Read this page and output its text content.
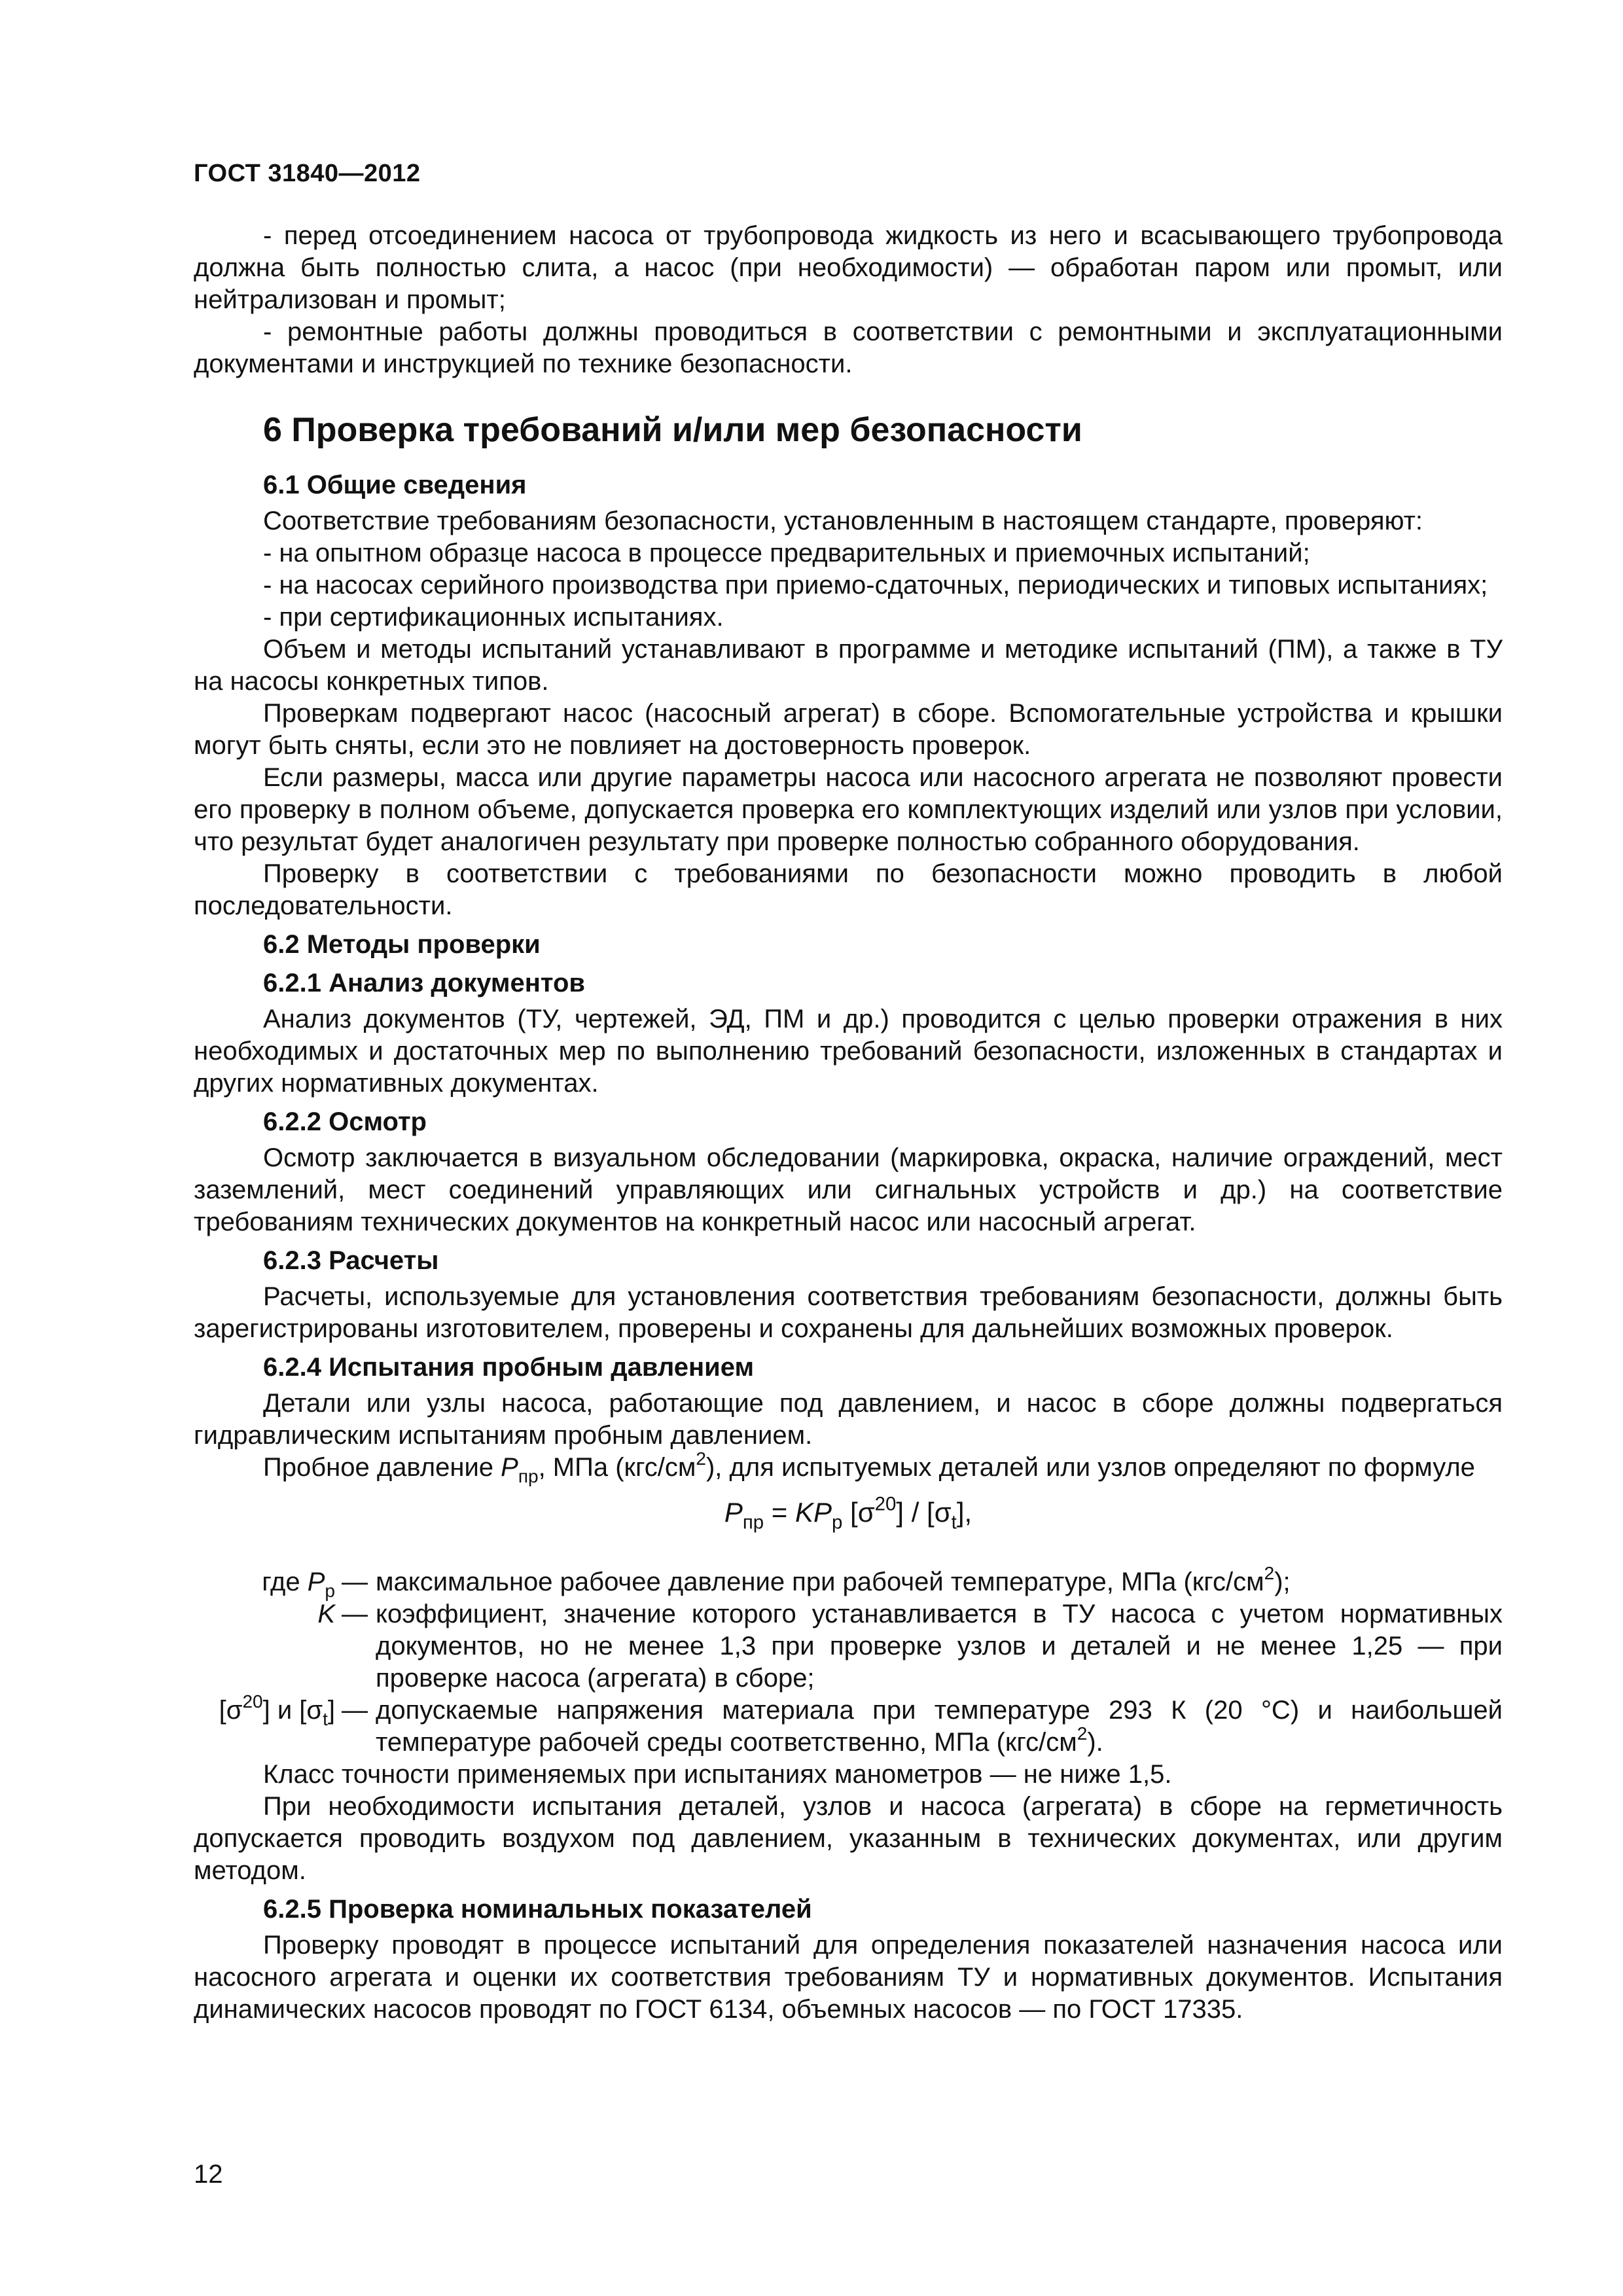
ГОСТ 31840—2012

- перед отсоединением насоса от трубопровода жидкость из него и всасывающего трубопровода должна быть полностью слита, а насос (при необходимости) — обработан паром или промыт, или нейтрализован и промыт;

- ремонтные работы должны проводиться в соответствии с ремонтными и эксплуатационными документами и инструкцией по технике безопасности.

6 Проверка требований и/или мер безопасности
6.1 Общие сведения

Соответствие требованиям безопасности, установленным в настоящем стандарте, проверяют:

- на опытном образце насоса в процессе предварительных и приемочных испытаний;

- на насосах серийного производства при приемо-сдаточных, периодических и типовых испытаниях;

- при сертификационных испытаниях.

Объем и методы испытаний устанавливают в программе и методике испытаний (ПМ), а также в ТУ на насосы конкретных типов.

Проверкам подвергают насос (насосный агрегат) в сборе. Вспомогательные устройства и крышки могут быть сняты, если это не повлияет на достоверность проверок.

Если размеры, масса или другие параметры насоса или насосного агрегата не позволяют провести его проверку в полном объеме, допускается проверка его комплектующих изделий или узлов при условии, что результат будет аналогичен результату при проверке полностью собранного оборудования.

Проверку в соответствии с требованиями по безопасности можно проводить в любой последовательности.

6.2 Методы проверки
6.2.1 Анализ документов

Анализ документов (ТУ, чертежей, ЭД, ПМ и др.) проводится с целью проверки отражения в них необходимых и достаточных мер по выполнению требований безопасности, изложенных в стандартах и других нормативных документах.

6.2.2 Осмотр

Осмотр заключается в визуальном обследовании (маркировка, окраска, наличие ограждений, мест заземлений, мест соединений управляющих или сигнальных устройств и др.) на соответствие требованиям технических документов на конкретный насос или насосный агрегат.

6.2.3 Расчеты

Расчеты, используемые для установления соответствия требованиям безопасности, должны быть зарегистрированы изготовителем, проверены и сохранены для дальнейших возможных проверок.

6.2.4 Испытания пробным давлением

Детали или узлы насоса, работающие под давлением, и насос в сборе должны подвергаться гидравлическим испытаниям пробным давлением.

Пробное давление $P_{пр}$, МПа $(кгс/см^2)$, для испытуемых деталей или узлов определяют по формуле

$P_{пр} = KP_р$ $[\sigma^{20}] / [\sigma_t]$,
где $P_р$ — максимальное рабочее давление при рабочей температуре, МПа $(кгс/см^2)$;
K — коэффициент, значение которого устанавливается в ТУ насоса с учетом нормативных документов, но не менее 1,3 при проверке узлов и деталей и не менее 1,25 — при проверке насоса (агрегата) в сборе;
$[\sigma^{20}]$ и $[\sigma_t]$ — допускаемые напряжения материала при температуре 293 К (20 °С) и наибольшей температуре рабочей среды соответственно, МПа $(кгс/см^2)$.

Класс точности применяемых при испытаниях манометров — не ниже 1,5.

При необходимости испытания деталей, узлов и насоса (агрегата) в сборе на герметичность допускается проводить воздухом под давлением, указанным в технических документах, или другим методом.

6.2.5 Проверка номинальных показателей

Проверку проводят в процессе испытаний для определения показателей назначения насоса или насосного агрегата и оценки их соответствия требованиям ТУ и нормативных документов. Испытания динамических насосов проводят по ГОСТ 6134, объемных насосов — по ГОСТ 17335.

12
